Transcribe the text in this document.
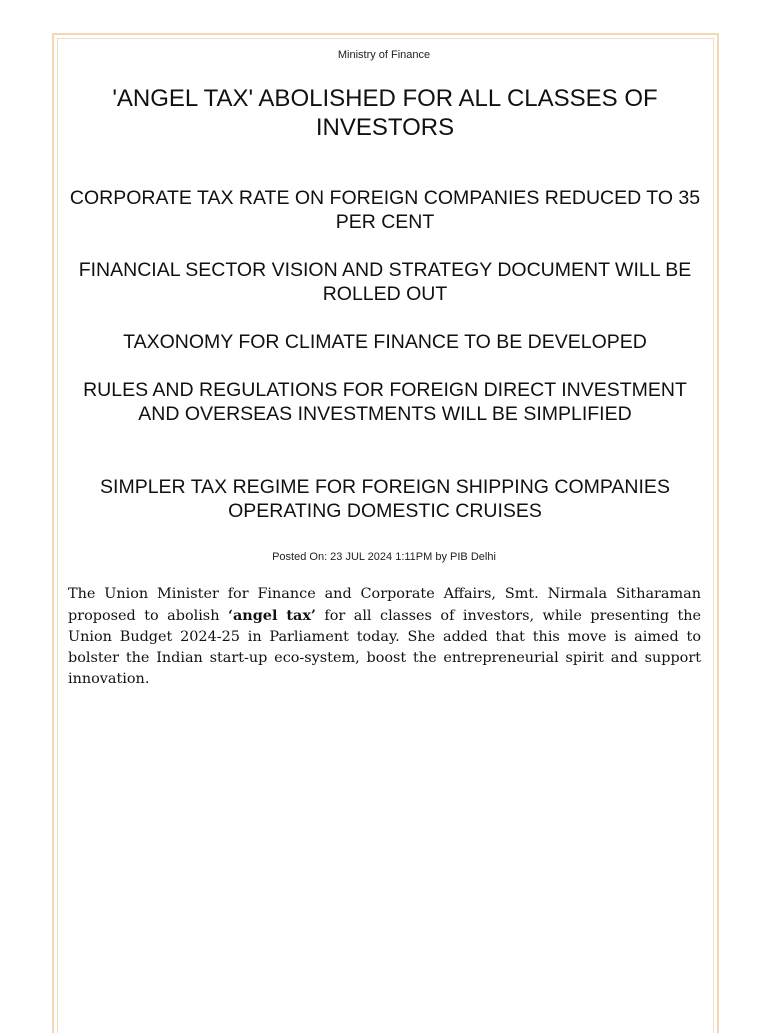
Ministry of Finance
'ANGEL TAX' ABOLISHED FOR ALL CLASSES OF INVESTORS
CORPORATE TAX RATE ON FOREIGN COMPANIES REDUCED TO 35 PER CENT
FINANCIAL SECTOR VISION AND STRATEGY DOCUMENT WILL BE ROLLED OUT
TAXONOMY FOR CLIMATE FINANCE TO BE DEVELOPED
RULES AND REGULATIONS FOR FOREIGN DIRECT INVESTMENT AND OVERSEAS INVESTMENTS WILL BE SIMPLIFIED
SIMPLER TAX REGIME FOR FOREIGN SHIPPING COMPANIES OPERATING DOMESTIC CRUISES
Posted On: 23 JUL 2024 1:11PM by PIB Delhi

The Union Minister for Finance and Corporate Affairs, Smt. Nirmala Sitharaman proposed to abolish ‘angel tax’ for all classes of investors, while presenting the Union Budget 2024-25 in Parliament today. She added that this move is aimed to bolster the Indian start-up eco-system, boost the entrepreneurial spirit and support innovation.
